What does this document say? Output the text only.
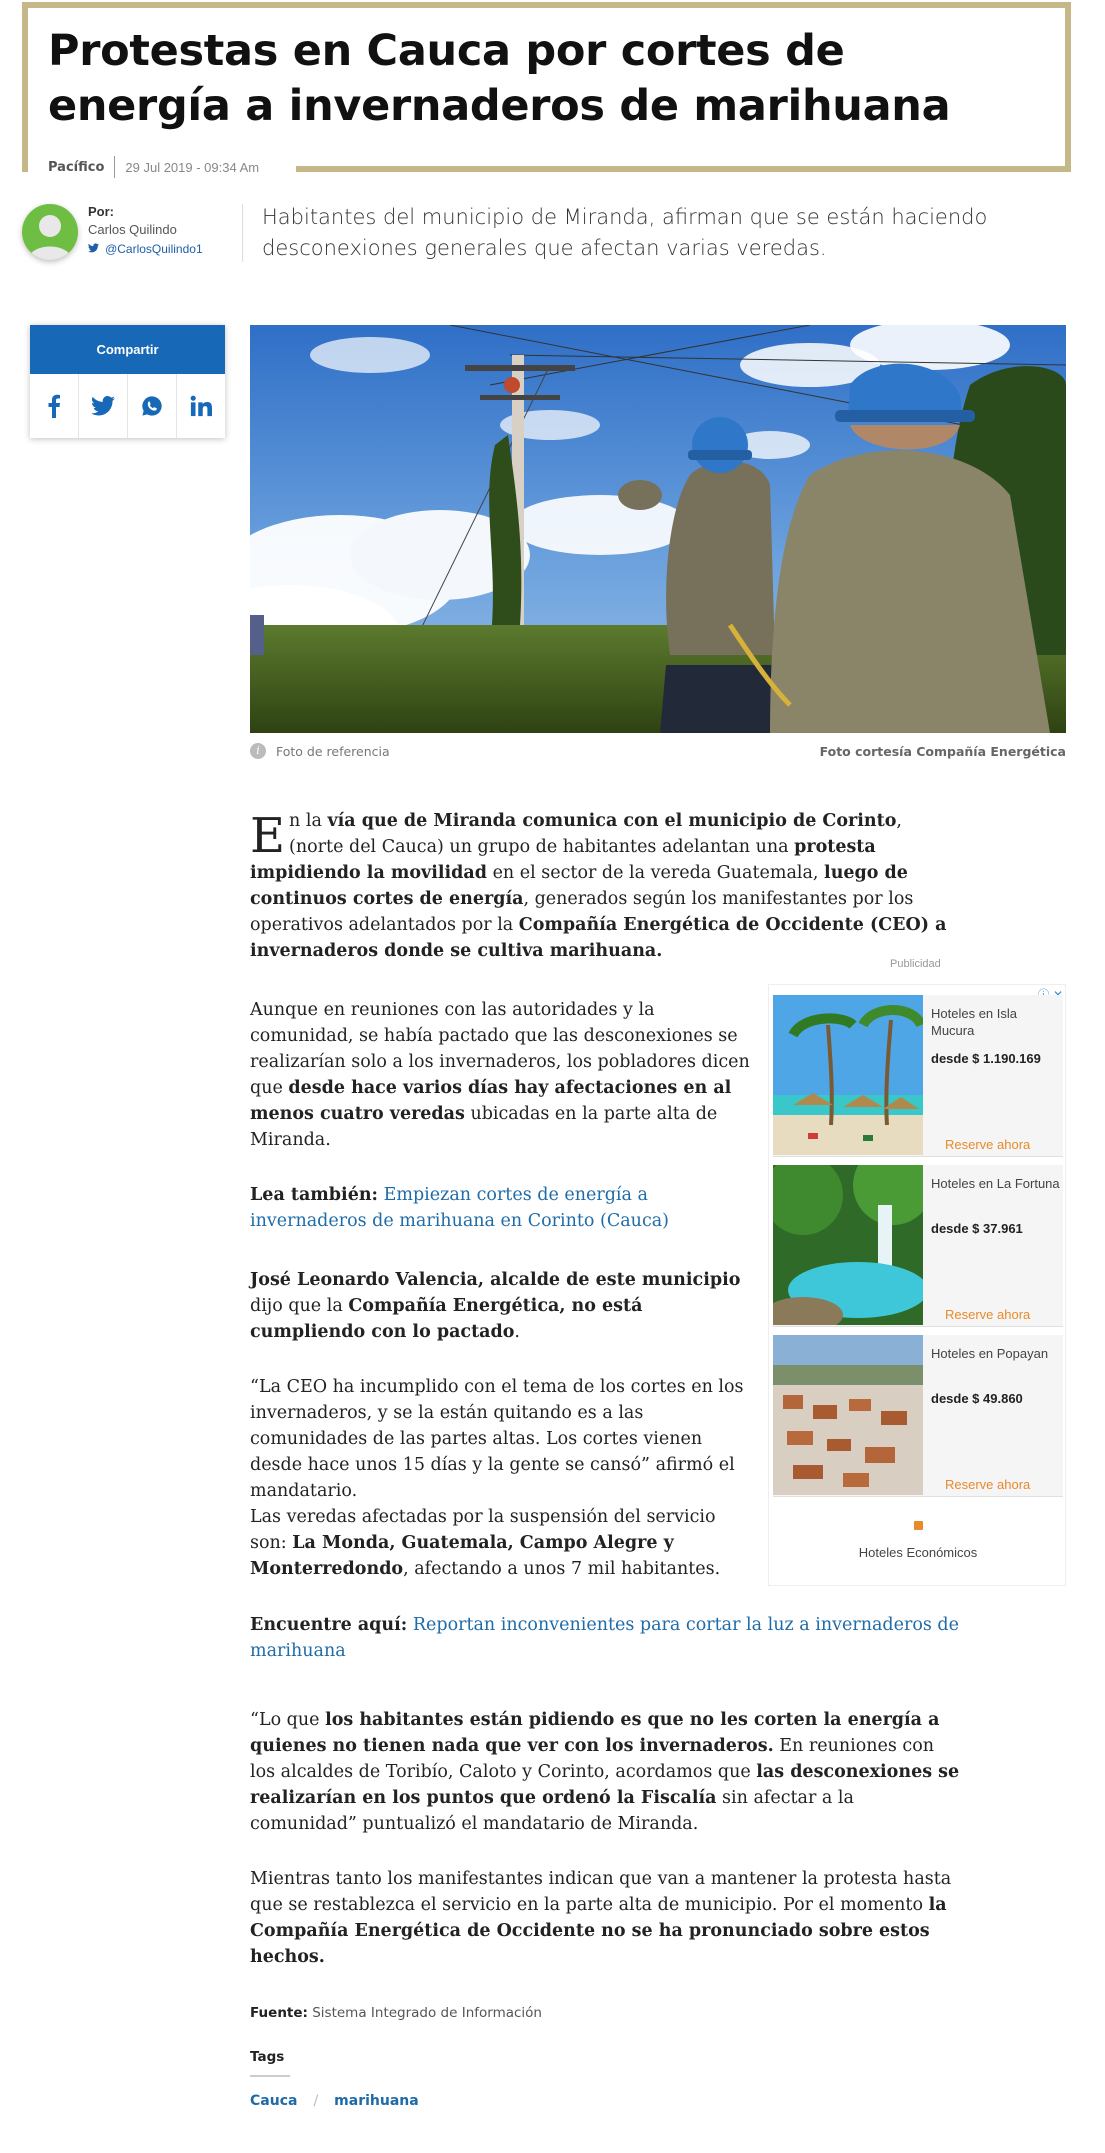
Protestas en Cauca por cortes de energía a invernaderos de marihuana
Pacífico 29 Jul 2019 - 09:34 Am
Por:
Carlos Quilindo
@CarlosQuilindo1

Habitantes del municipio de Miranda, afirman que se están haciendo desconexiones generales que afectan varias veredas.

Compartir
i	Foto de referencia	Foto cortesía Compañía Energética

En la vía que de Miranda comunica con el municipio de Corinto, (norte del Cauca) un grupo de habitantes adelantan una protesta impidiendo la movilidad en el sector de la vereda Guatemala, luego de continuos cortes de energía, generados según los manifestantes por los operativos adelantados por la Compañía Energética de Occidente (CEO) a invernaderos donde se cultiva marihuana.

Publicidad

Aunque en reuniones con las autoridades y la comunidad, se había pactado que las desconexiones se realizarían solo a los invernaderos, los pobladores dicen que desde hace varios días hay afectaciones en al menos cuatro veredas ubicadas en la parte alta de Miranda.

Lea también: Empiezan cortes de energía a invernaderos de marihuana en Corinto (Cauca)

José Leonardo Valencia, alcalde de este municipio dijo que la Compañía Energética, no está cumpliendo con lo pactado.

“La CEO ha incumplido con el tema de los cortes en los invernaderos, y se la están quitando es a las comunidades de las partes altas. Los cortes vienen desde hace unos 15 días y la gente se cansó” afirmó el mandatario.
Las veredas afectadas por la suspensión del servicio son: La Monda, Guatemala, Campo Alegre y Monterredondo, afectando a unos 7 mil habitantes.

Encuentre aquí: Reportan inconvenientes para cortar la luz a invernaderos de marihuana

“Lo que los habitantes están pidiendo es que no les corten la energía a quienes no tienen nada que ver con los invernaderos. En reuniones con los alcaldes de Toribío, Caloto y Corinto, acordamos que las desconexiones se realizarían en los puntos que ordenó la Fiscalía sin afectar a la comunidad” puntualizó el mandatario de Miranda.

Mientras tanto los manifestantes indican que van a mantener la protesta hasta que se restablezca el servicio en la parte alta de municipio. Por el momento la Compañía Energética de Occidente no se ha pronunciado sobre estos hechos.

Hoteles en Isla Mucura
desde $ 1.190.169
Reserve ahora
Hoteles en La Fortuna
desde $ 37.961
Reserve ahora
Hoteles en Popayan
desde $ 49.860
Reserve ahora
Hoteles Económicos
Fuente: Sistema Integrado de Información
Tags
Cauca / marihuana
